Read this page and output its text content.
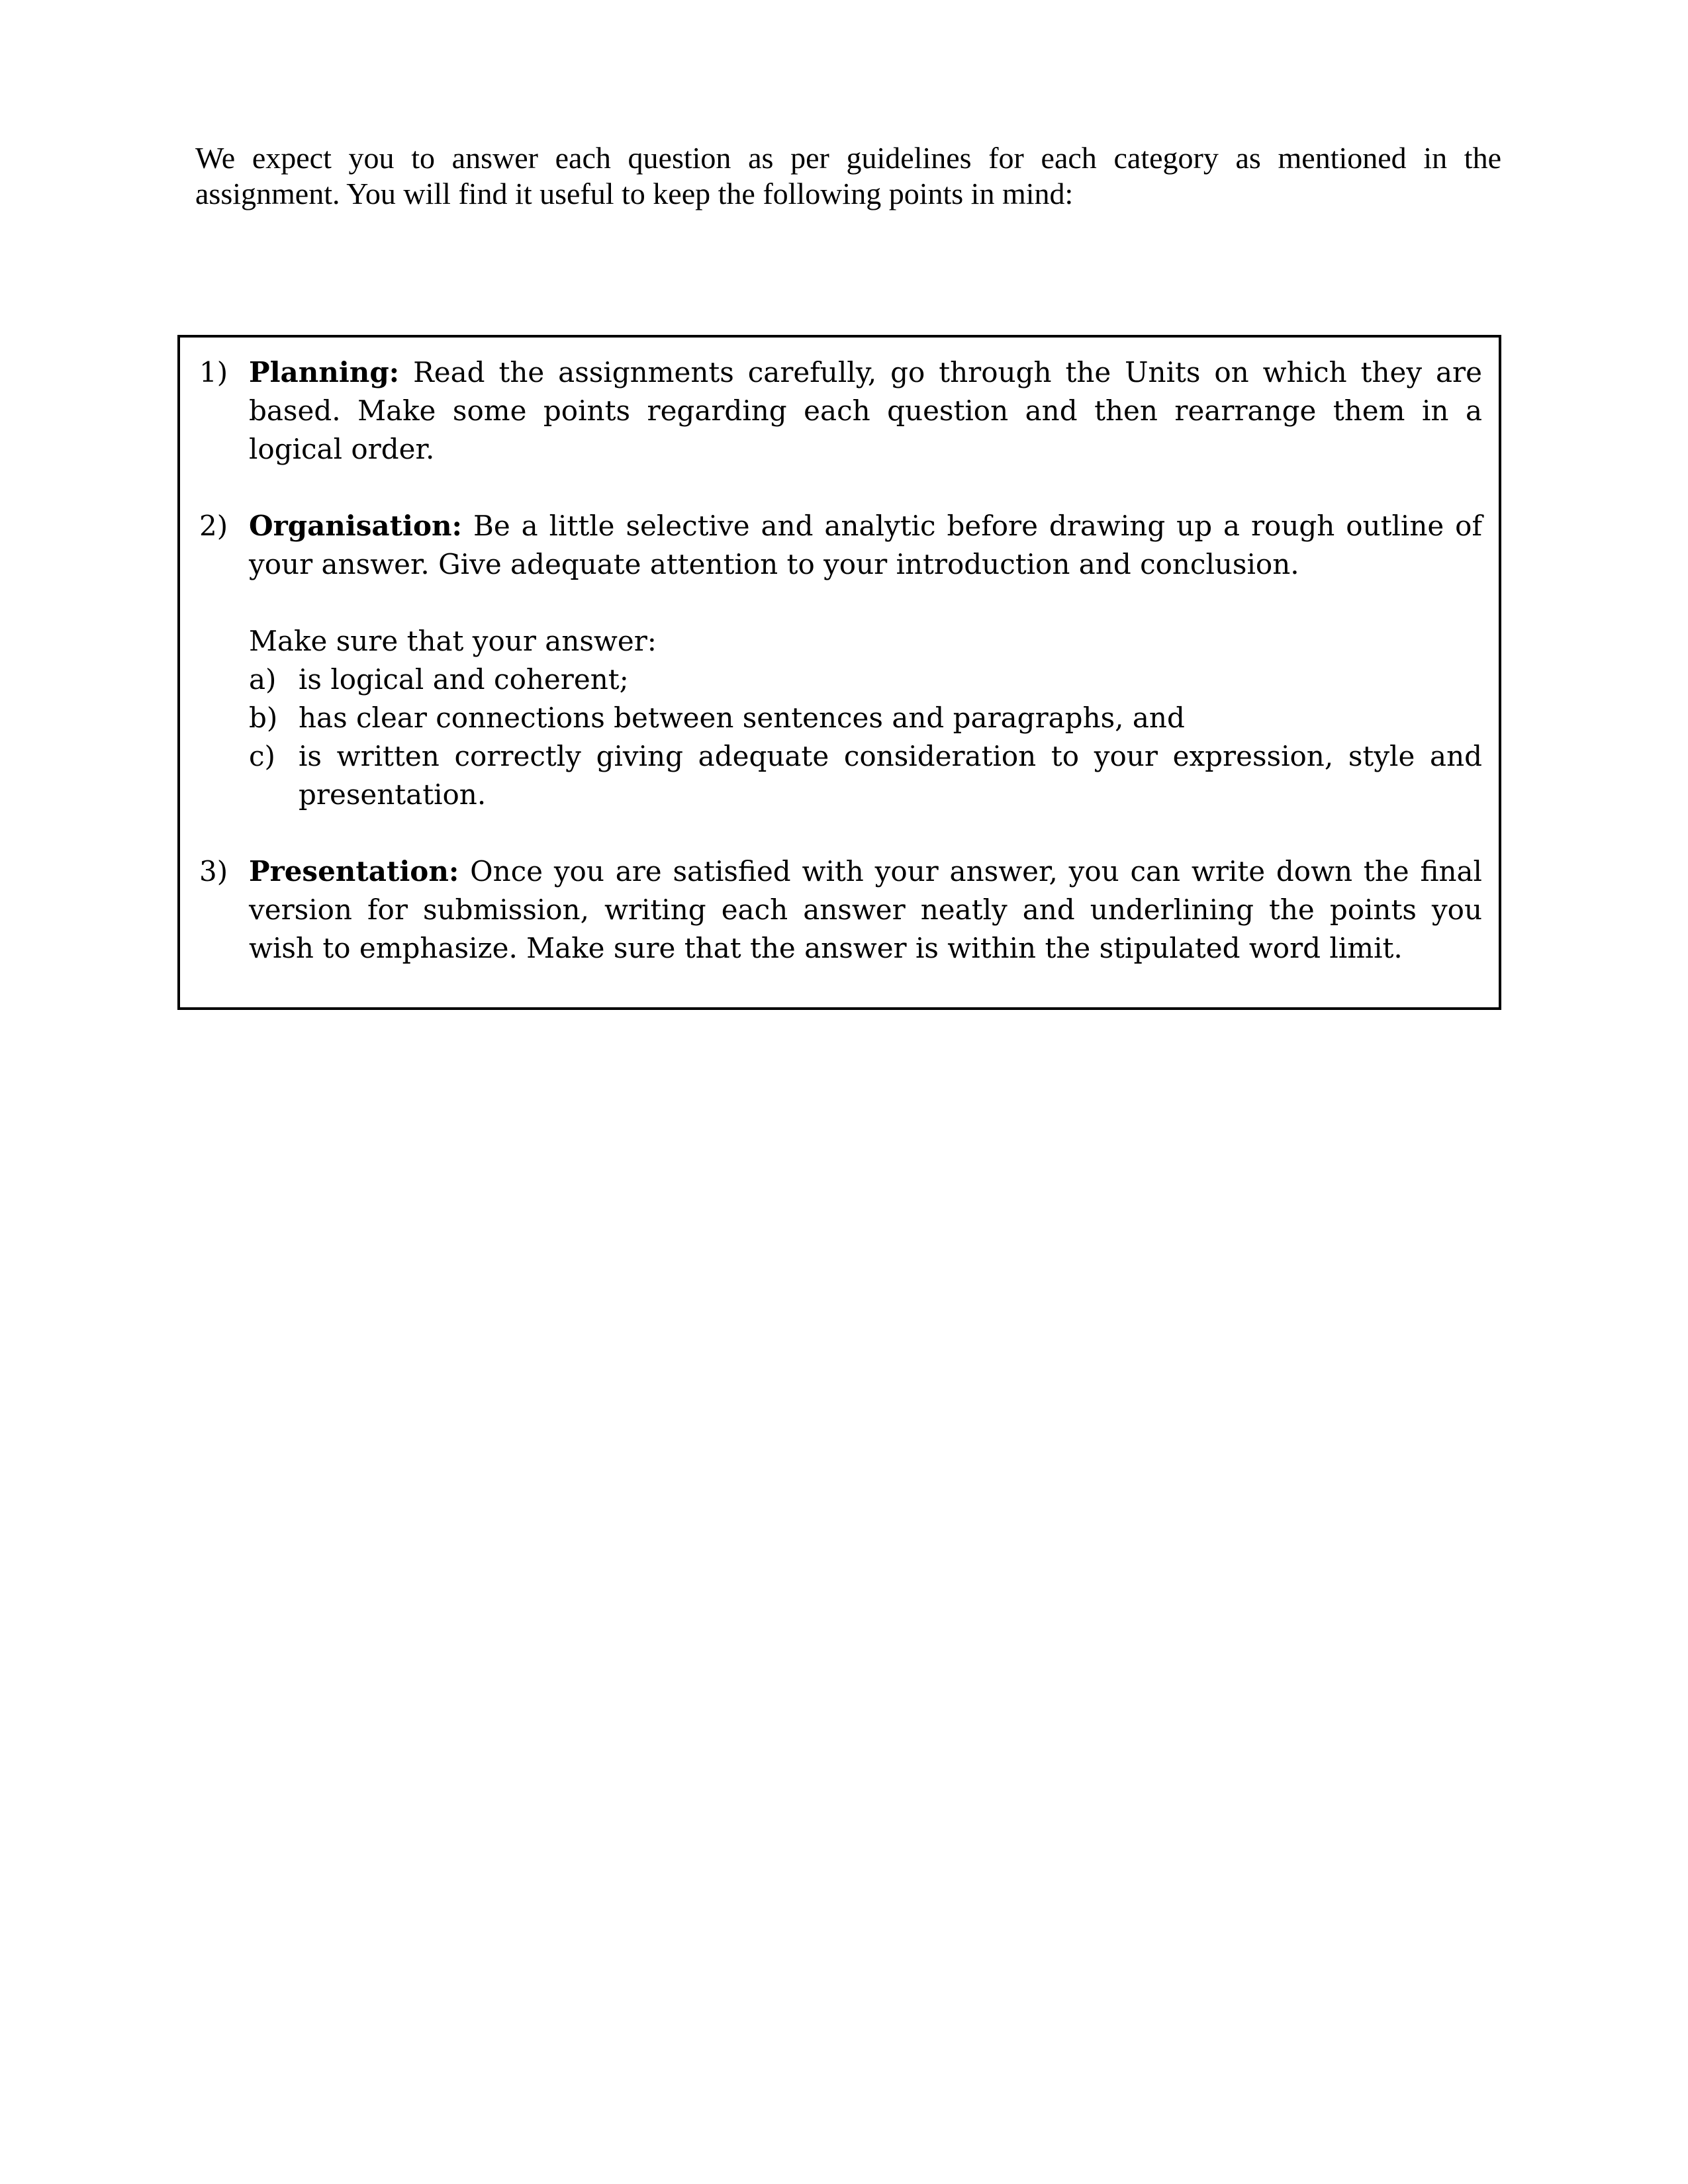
We expect you to answer each question as per guidelines for each category as mentioned in the assignment. You will find it useful to keep the following points in mind:

1) Planning: Read the assignments carefully, go through the Units on which they are based. Make some points regarding each question and then rearrange them in a logical order.

2) Organisation: Be a little selective and analytic before drawing up a rough outline of your answer. Give adequate attention to your introduction and conclusion.

Make sure that your answer:

a) is logical and coherent;

b) has clear connections between sentences and paragraphs, and

c) is written correctly giving adequate consideration to your expression, style and presentation.

3) Presentation: Once you are satisfied with your answer, you can write down the final version for submission, writing each answer neatly and underlining the points you wish to emphasize. Make sure that the answer is within the stipulated word limit.
